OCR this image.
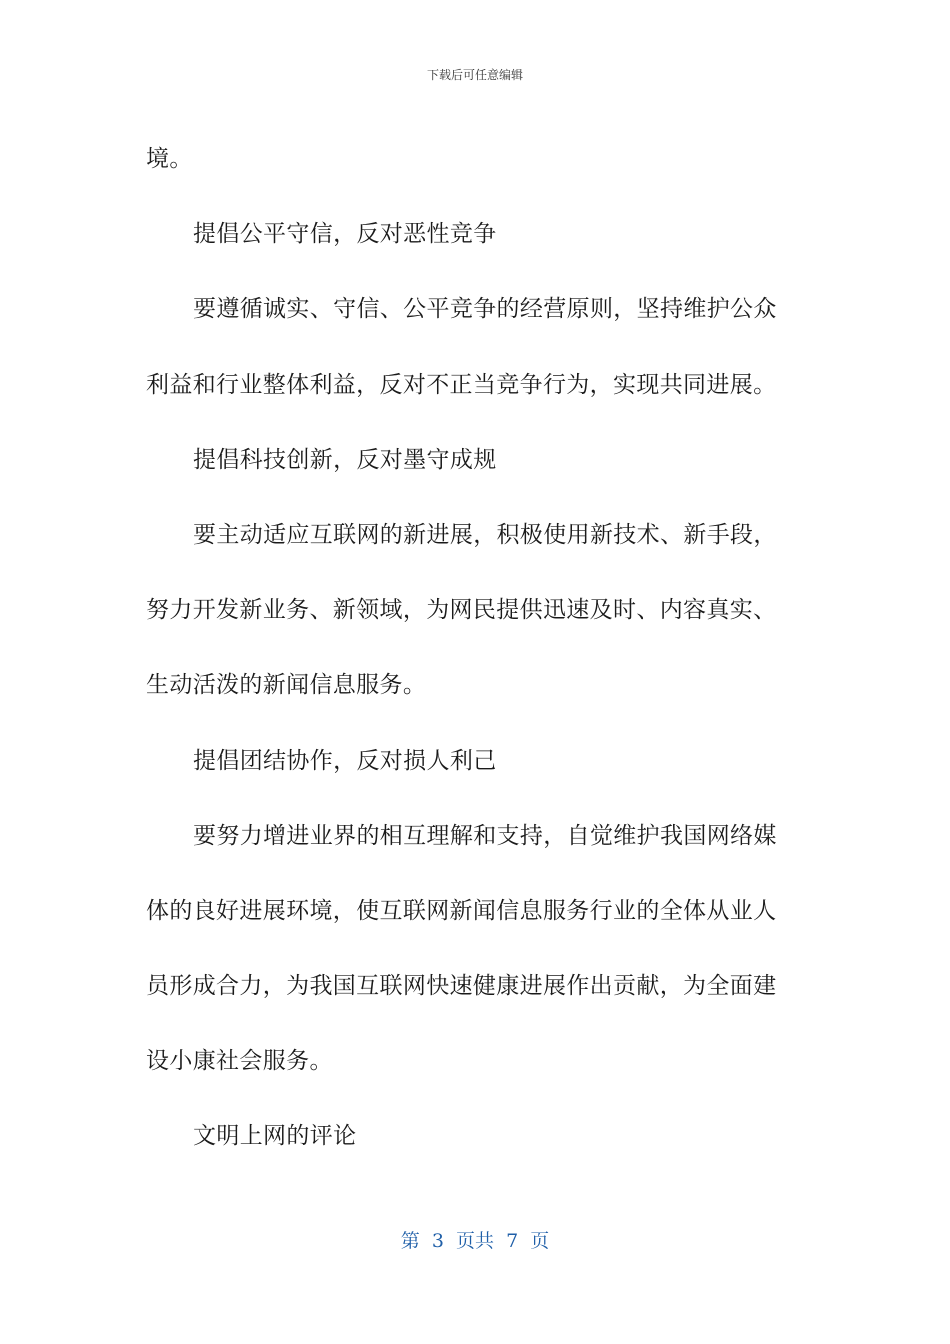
下载后可任意编辑
境。
提倡公平守信，反对恶性竞争
要遵循诚实、守信、公平竞争的经营原则，坚持维护公众
利益和行业整体利益，反对不正当竞争行为，实现共同进展。
提倡科技创新，反对墨守成规
要主动适应互联网的新进展，积极使用新技术、新手段，
努力开发新业务、新领域，为网民提供迅速及时、内容真实、
生动活泼的新闻信息服务。
提倡团结协作，反对损人利己
要努力增进业界的相互理解和支持，自觉维护我国网络媒
体的良好进展环境，使互联网新闻信息服务行业的全体从业人
员形成合力，为我国互联网快速健康进展作出贡献，为全面建
设小康社会服务。
文明上网的评论
第  3  页共  7  页
